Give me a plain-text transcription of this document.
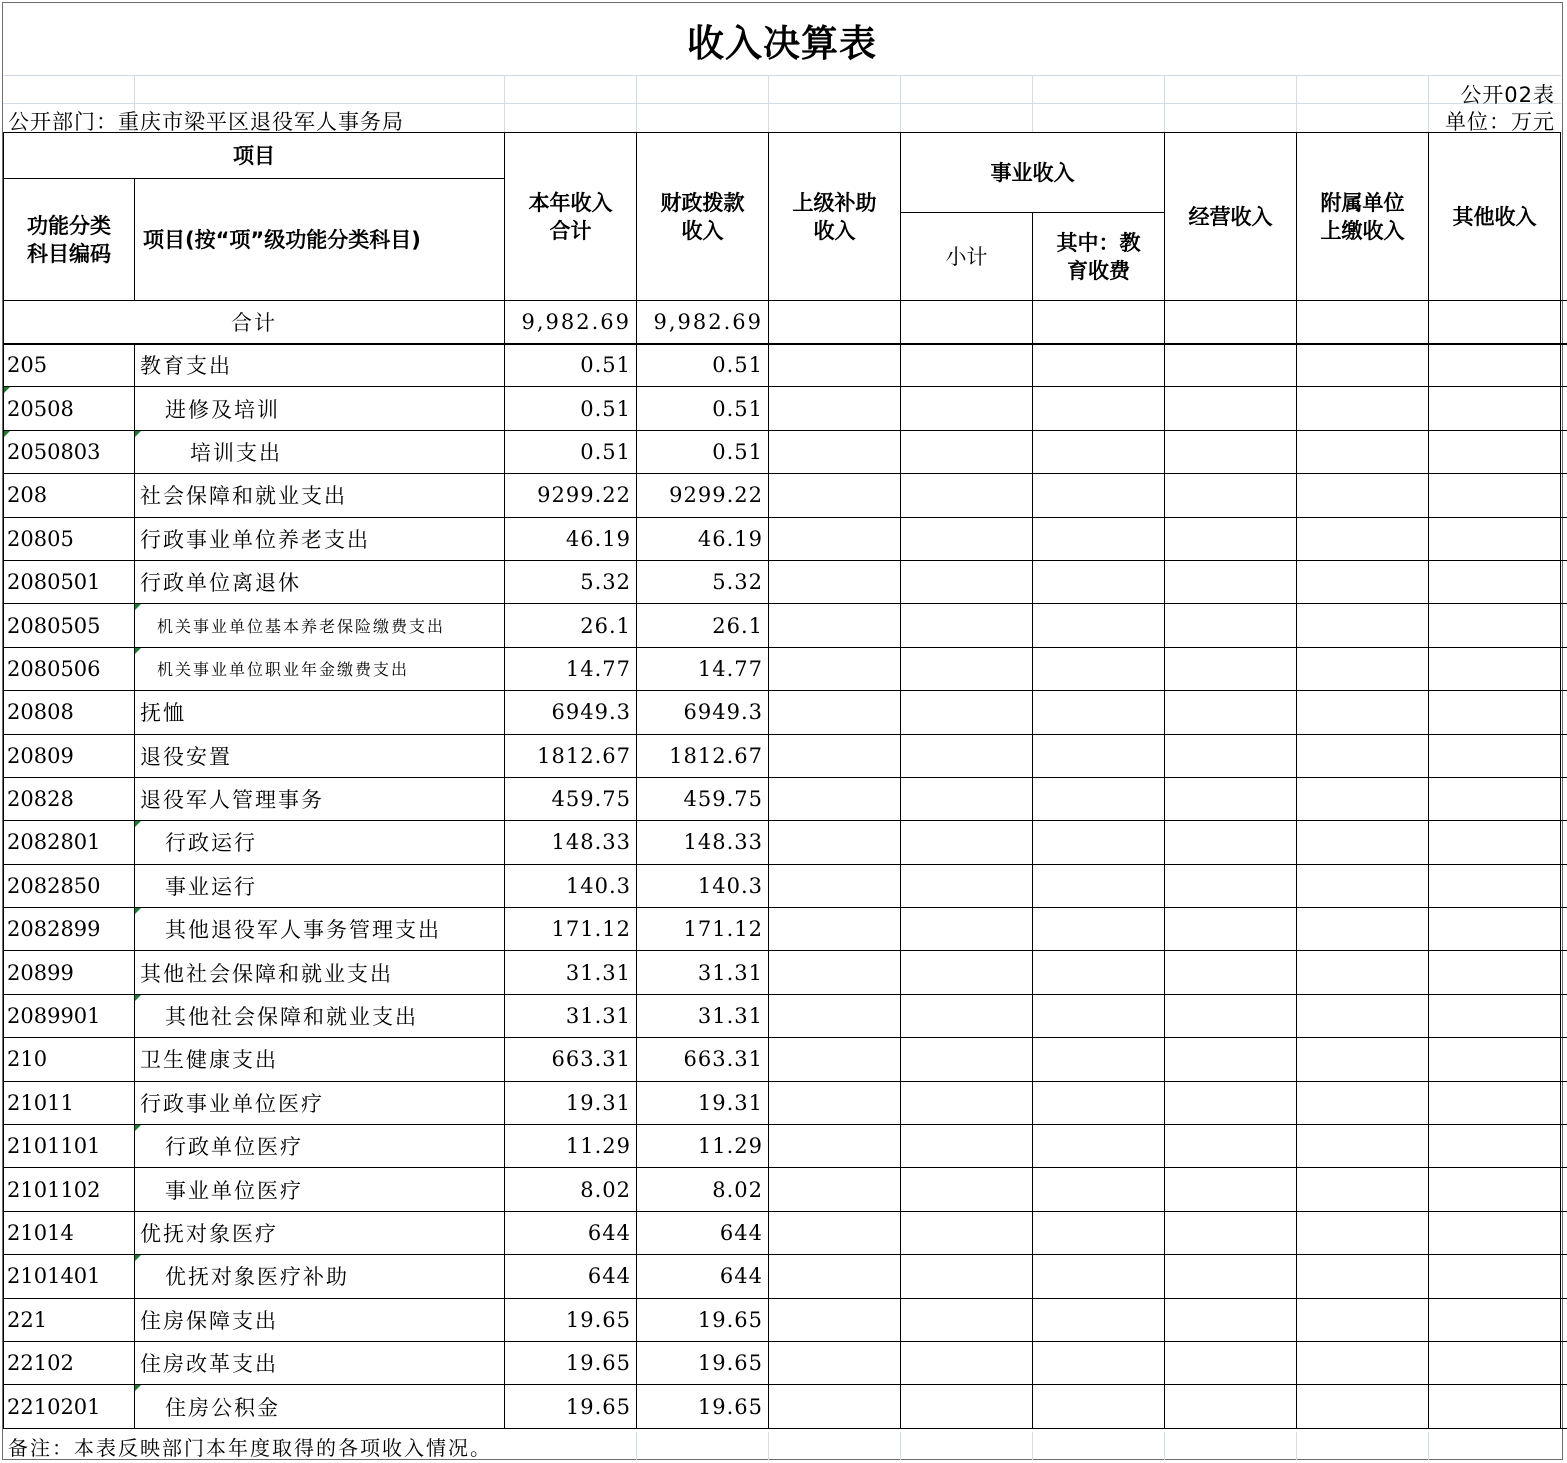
收入决算表
公开02表
公开部门：重庆市梁平区退役军人事务局	单位：万元
项目		本年收入合计	财政拨款收入	上级补助收入	事业收入		经营收入	附属单位上缴收入	其他收入	

功能分类科目编码	项目(按“项”级功能分类科目)									
					小计	其中：教育收费				

合计		9,982.69	9,982.69							
205	教育支出	0.51	0.51							
20508	进修及培训	0.51	0.51							
2050803	培训支出	0.51	0.51							
208	社会保障和就业支出	9299.22	9299.22							
20805	行政事业单位养老支出	46.19	46.19							
2080501	行政单位离退休	5.32	5.32							
2080505	机关事业单位基本养老保险缴费支出	26.1	26.1							
2080506	机关事业单位职业年金缴费支出	14.77	14.77							
20808	抚恤	6949.3	6949.3							
20809	退役安置	1812.67	1812.67							
20828	退役军人管理事务	459.75	459.75							
2082801	行政运行	148.33	148.33							
2082850	事业运行	140.3	140.3							
2082899	其他退役军人事务管理支出	171.12	171.12							
20899	其他社会保障和就业支出	31.31	31.31							
2089901	其他社会保障和就业支出	31.31	31.31							
210	卫生健康支出	663.31	663.31							
21011	行政事业单位医疗	19.31	19.31							
2101101	行政单位医疗	11.29	11.29							
2101102	事业单位医疗	8.02	8.02							
21014	优抚对象医疗	644	644							
2101401	优抚对象医疗补助	644	644							
221	住房保障支出	19.65	19.65							
22102	住房改革支出	19.65	19.65							
2210201	住房公积金	19.65	19.65							
备注：本表反映部门本年度取得的各项收入情况。
